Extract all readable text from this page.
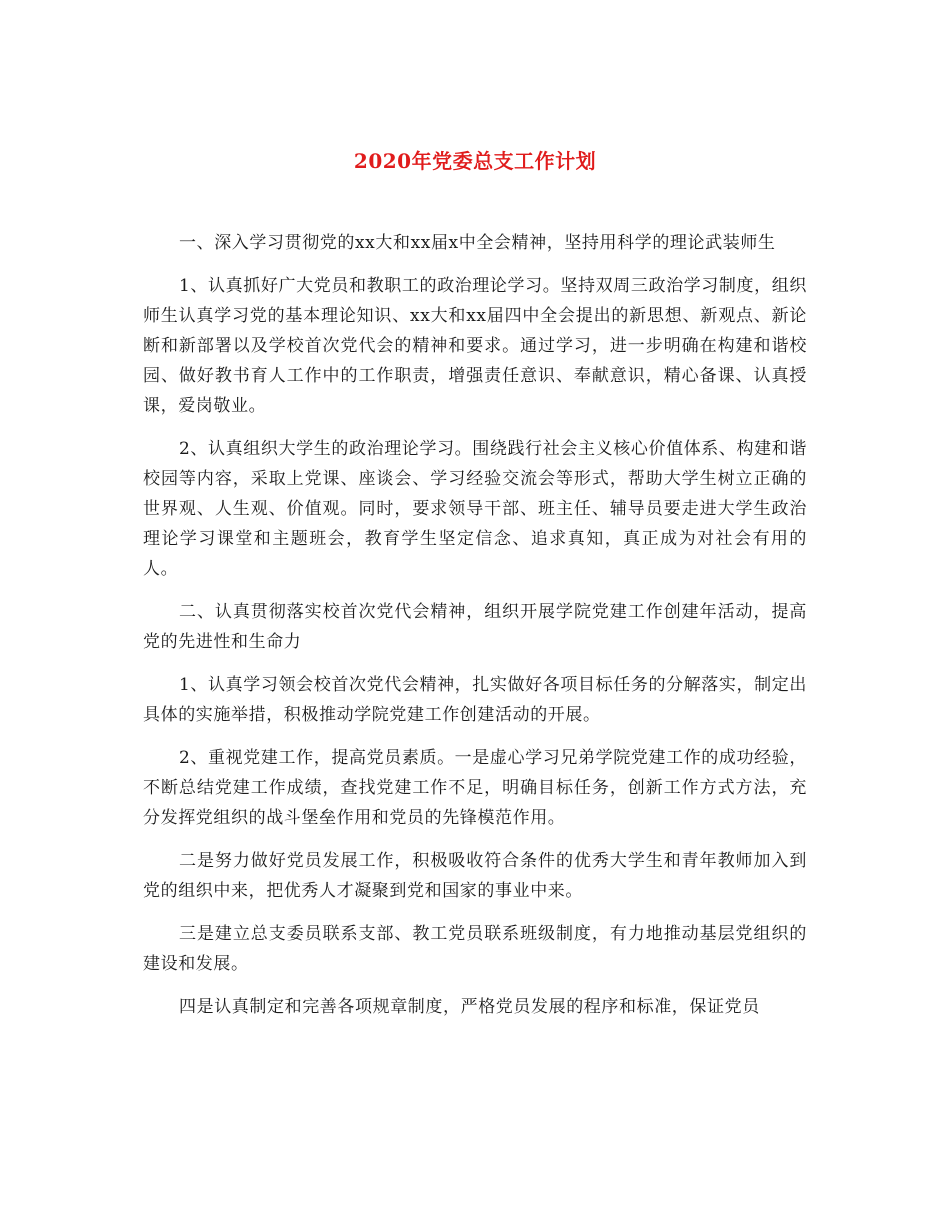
2020年党委总支工作计划

一、深入学习贯彻党的xx大和xx届x中全会精神，坚持用科学的理论武装师生

1、认真抓好广大党员和教职工的政治理论学习。坚持双周三政治学习制度，组织师生认真学习党的基本理论知识、xx大和xx届四中全会提出的新思想、新观点、新论断和新部署以及学校首次党代会的精神和要求。通过学习，进一步明确在构建和谐校园、做好教书育人工作中的工作职责，增强责任意识、奉献意识，精心备课、认真授课，爱岗敬业。

2、认真组织大学生的政治理论学习。围绕践行社会主义核心价值体系、构建和谐校园等内容，采取上党课、座谈会、学习经验交流会等形式，帮助大学生树立正确的世界观、人生观、价值观。同时，要求领导干部、班主任、辅导员要走进大学生政治理论学习课堂和主题班会，教育学生坚定信念、追求真知，真正成为对社会有用的人。

二、认真贯彻落实校首次党代会精神，组织开展学院党建工作创建年活动，提高党的先进性和生命力

1、认真学习领会校首次党代会精神，扎实做好各项目标任务的分解落实，制定出具体的实施举措，积极推动学院党建工作创建活动的开展。

2、重视党建工作，提高党员素质。一是虚心学习兄弟学院党建工作的成功经验，不断总结党建工作成绩，查找党建工作不足，明确目标任务，创新工作方式方法，充分发挥党组织的战斗堡垒作用和党员的先锋模范作用。

二是努力做好党员发展工作，积极吸收符合条件的优秀大学生和青年教师加入到党的组织中来，把优秀人才凝聚到党和国家的事业中来。

三是建立总支委员联系支部、教工党员联系班级制度，有力地推动基层党组织的建设和发展。

四是认真制定和完善各项规章制度，严格党员发展的程序和标准，保证党员
